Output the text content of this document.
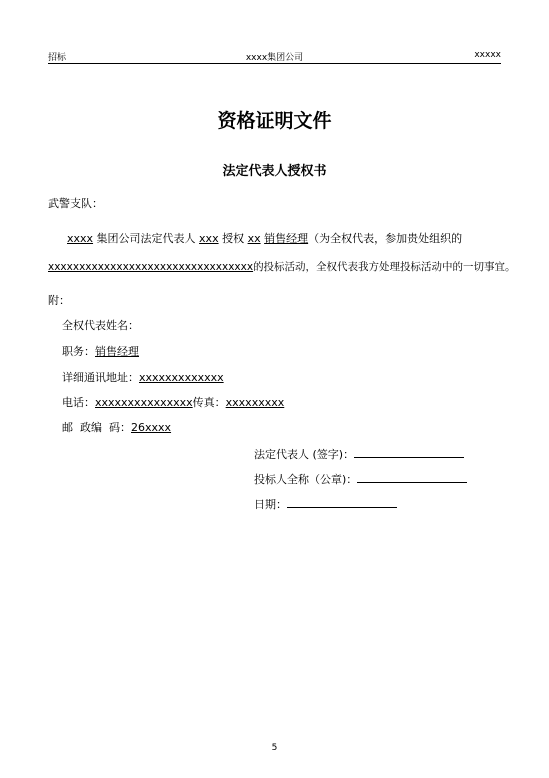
招标	xxxx集团公司	xxxxx
资格证明文件
法定代表人授权书
武警支队：
xxxx 集团公司法定代表人 xxx 授权 xx 销售经理（为全权代表，参加贵处组织的
xxxxxxxxxxxxxxxxxxxxxxxxxxxxxxxxx的投标活动，全权代表我方处理投标活动中的一切事宜。
附：
全权代表姓名：
职务：销售经理
详细通讯地址：xxxxxxxxxxxxx
电话：xxxxxxxxxxxxxxx传真：xxxxxxxxx
邮  政编  码：26xxxx
法定代表人 (签字)：
投标人全称（公章)：
日期：
5
